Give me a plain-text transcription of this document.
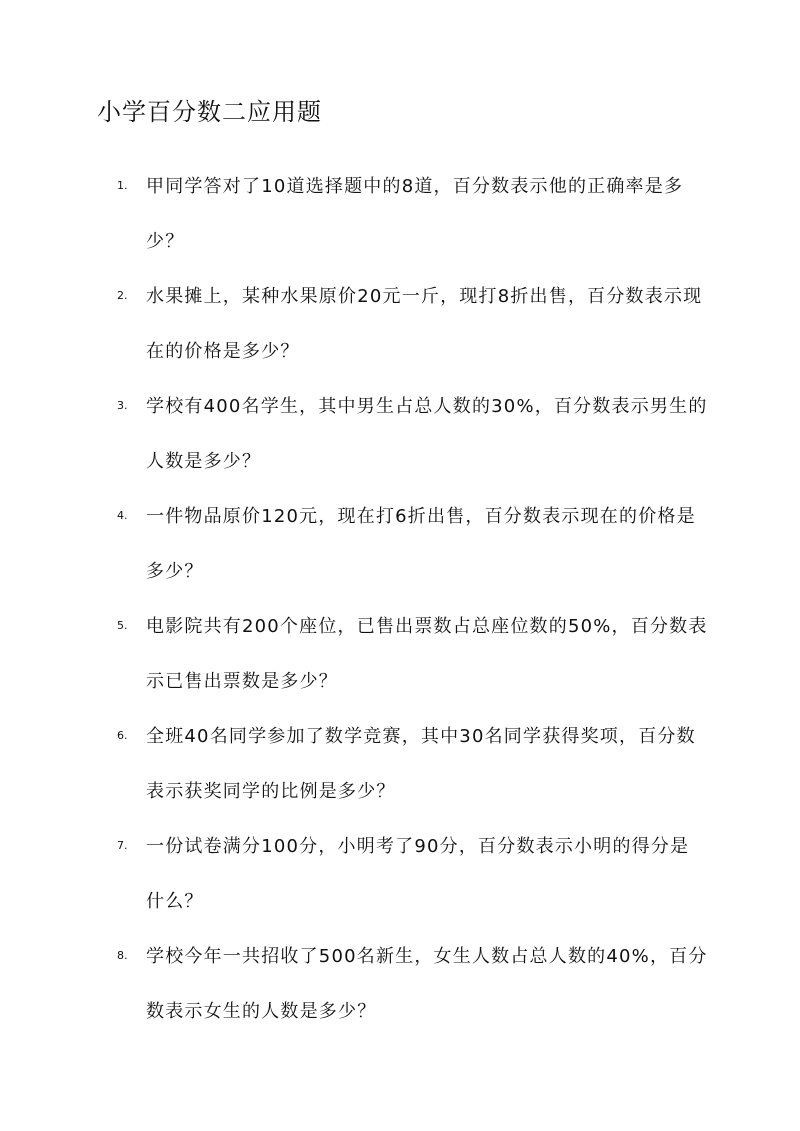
小学百分数二应用题
1. 甲同学答对了10道选择题中的8道，百分数表示他的正确率是多少？
2. 水果摊上，某种水果原价20元一斤，现打8折出售，百分数表示现在的价格是多少？
3. 学校有400名学生，其中男生占总人数的30%，百分数表示男生的人数是多少？
4. 一件物品原价120元，现在打6折出售，百分数表示现在的价格是多少？
5. 电影院共有200个座位，已售出票数占总座位数的50%，百分数表示已售出票数是多少？
6. 全班40名同学参加了数学竞赛，其中30名同学获得奖项，百分数表示获奖同学的比例是多少？
7. 一份试卷满分100分，小明考了90分，百分数表示小明的得分是什么？
8. 学校今年一共招收了500名新生，女生人数占总人数的40%，百分数表示女生的人数是多少？
